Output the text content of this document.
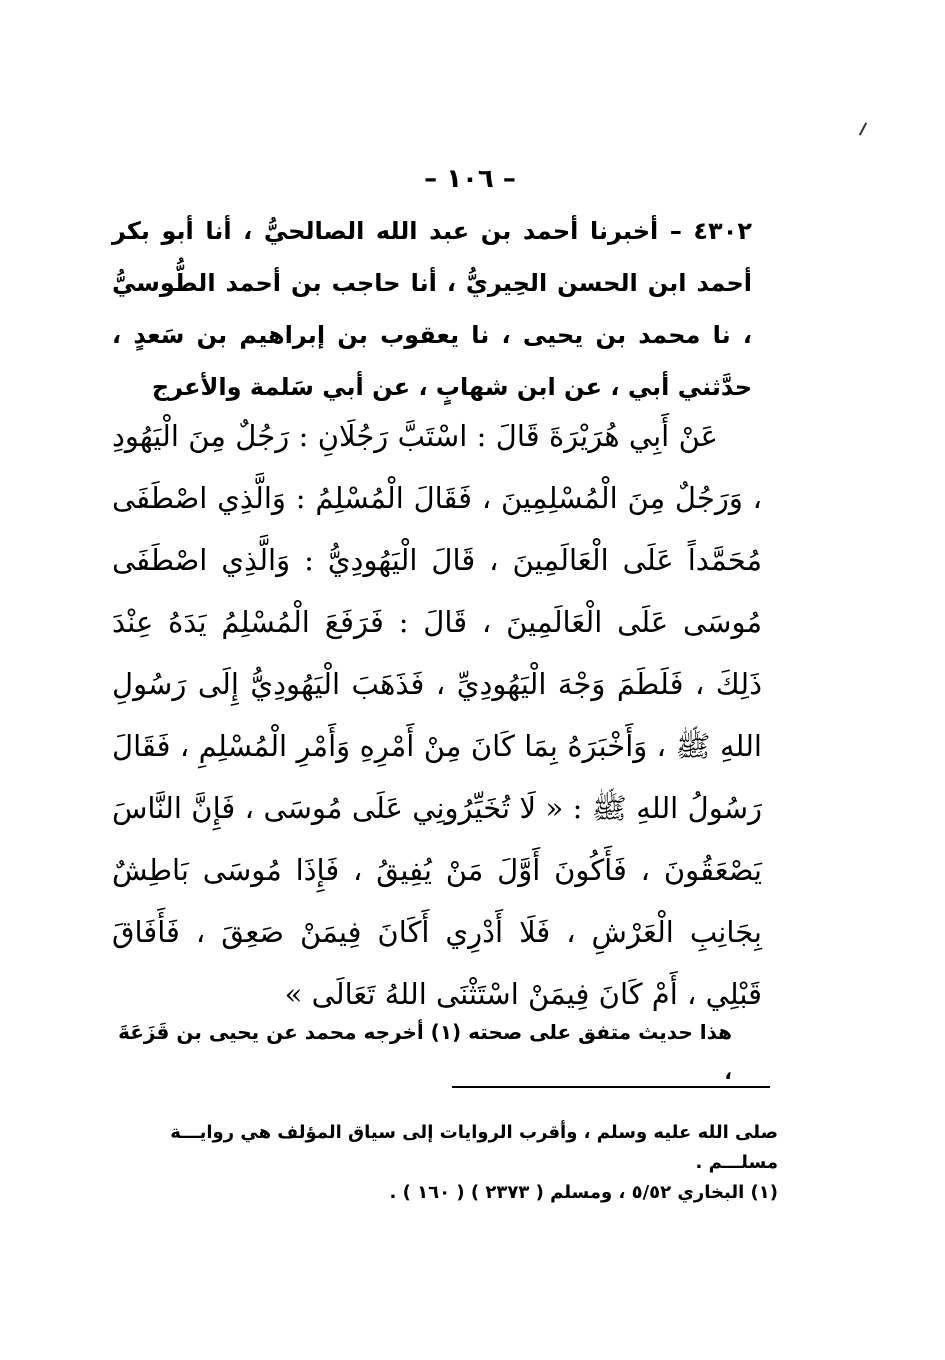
– ١٠٦ –
٤٣٠٢ – أخبرنا أحمد بن عبد الله الصالحيُّ ، أنا أبو بكر أحمد ابن الحسن الحِيريُّ ، أنا حاجب بن أحمد الطُّوسيُّ ، نا محمد بن يحيى ، نا يعقوب بن إبراهيم بن سَعدٍ ، حدَّثني أبي ، عن ابن شهابٍ ، عن أبي سَلمة والأعرج
عَنْ أَبِي هُرَيْرَةَ قَالَ : اسْتَبَّ رَجُلَانِ : رَجُلٌ مِنَ الْيَهُودِ ، وَرَجُلٌ مِنَ الْمُسْلِمِينَ ، فَقَالَ الْمُسْلِمُ : وَالَّذِي اصْطَفَى مُحَمَّداً عَلَى الْعَالَمِينَ ، قَالَ الْيَهُودِيُّ : وَالَّذِي اصْطَفَى مُوسَى عَلَى الْعَالَمِينَ ، قَالَ : فَرَفَعَ الْمُسْلِمُ يَدَهُ عِنْدَ ذَلِكَ ، فَلَطَمَ وَجْهَ الْيَهُودِيِّ ، فَذَهَبَ الْيَهُودِيُّ إِلَى رَسُولِ اللهِ ﷺ ، وَأَخْبَرَهُ بِمَا كَانَ مِنْ أَمْرِهِ وَأَمْرِ الْمُسْلِمِ ، فَقَالَ رَسُولُ اللهِ ﷺ : « لَا تُخَيِّرُونِي عَلَى مُوسَى ، فَإِنَّ النَّاسَ يَصْعَقُونَ ، فَأَكُونَ أَوَّلَ مَنْ يُفِيقُ ، فَإِذَا مُوسَى بَاطِشٌ بِجَانِبِ الْعَرْشِ ، فَلَا أَدْرِي أَكَانَ فِيمَنْ صَعِقَ ، فَأَفَاقَ قَبْلِي ، أَمْ كَانَ فِيمَنْ اسْتَثْنَى اللهُ تَعَالَى »
هذا حديث متفق على صحته (١) أخرجه محمد عن يحيى بن قَزَعَةَ ،
صلى الله عليه وسلم ، وأقرب الروايات إلى سياق المؤلف هي روايـــة
مسلـــم .
(١) البخاري ٥/٥٢ ، ومسلم ( ٢٣٧٣ ) ( ١٦٠ ) .
